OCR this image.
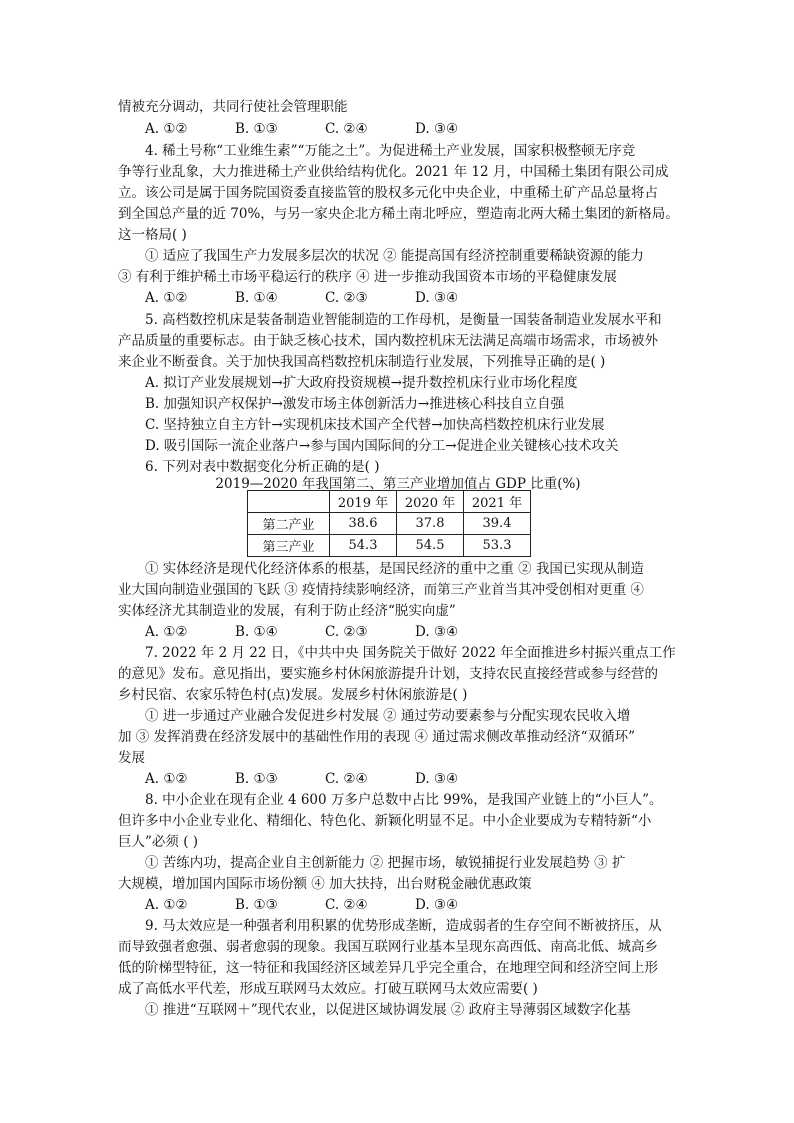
情被充分调动，共同行使社会管理职能
A. ①②	B. ①③	C. ②④	D. ③④
4. 稀土号称“工业维生素”“万能之土”。为促进稀土产业发展，国家积极整顿无序竞
争等行业乱象，大力推进稀土产业供给结构优化。2021 年 12 月，中国稀土集团有限公司成
立。该公司是属于国务院国资委直接监管的股权多元化中央企业，中重稀土矿产品总量将占
到全国总产量的近 70%，与另一家央企北方稀土南北呼应，塑造南北两大稀土集团的新格局。
这一格局( )
① 适应了我国生产力发展多层次的状况 ② 能提高国有经济控制重要稀缺资源的能力
③ 有利于维护稀土市场平稳运行的秩序 ④ 进一步推动我国资本市场的平稳健康发展
A. ①②	B. ①④	C. ②③	D. ③④
5. 高档数控机床是装备制造业智能制造的工作母机，是衡量一国装备制造业发展水平和
产品质量的重要标志。由于缺乏核心技术，国内数控机床无法满足高端市场需求，市场被外
来企业不断蚕食。关于加快我国高档数控机床制造行业发展，下列推导正确的是( )
A. 拟订产业发展规划→扩大政府投资规模→提升数控机床行业市场化程度
B. 加强知识产权保护→激发市场主体创新活力→推进核心科技自立自强
C. 坚持独立自主方针→实现机床技术国产全代替→加快高档数控机床行业发展
D. 吸引国际一流企业落户→参与国内国际间的分工→促进企业关键核心技术攻关
6. 下列对表中数据变化分析正确的是( )
2019—2020 年我国第二、第三产业增加值占 GDP 比重(%)
	2019 年	2020 年	2021 年
第二产业	38.6	37.8	39.4
第三产业	54.3	54.5	53.3
① 实体经济是现代化经济体系的根基，是国民经济的重中之重 ② 我国已实现从制造
业大国向制造业强国的飞跃 ③ 疫情持续影响经济，而第三产业首当其冲受创相对更重 ④
实体经济尤其制造业的发展，有利于防止经济“脱实向虚”
A. ①②	B. ①④	C. ②③	D. ③④
7. 2022 年 2 月 22 日，《中共中央 国务院关于做好 2022 年全面推进乡村振兴重点工作
的意见》发布。意见指出，要实施乡村休闲旅游提升计划，支持农民直接经营或参与经营的
乡村民宿、农家乐特色村(点)发展。发展乡村休闲旅游是( )
① 进一步通过产业融合发促进乡村发展 ② 通过劳动要素参与分配实现农民收入增
加 ③ 发挥消费在经济发展中的基础性作用的表现 ④ 通过需求侧改革推动经济“双循环”
发展
A. ①②	B. ①③	C. ②④	D. ③④
8. 中小企业在现有企业 4 600 万多户总数中占比 99%，是我国产业链上的“小巨人”。
但许多中小企业专业化、精细化、特色化、新颖化明显不足。中小企业要成为专精特新“小
巨人”必须 ( )
① 苦练内功，提高企业自主创新能力 ② 把握市场，敏锐捕捉行业发展趋势 ③ 扩
大规模，增加国内国际市场份额 ④ 加大扶持，出台财税金融优惠政策
A. ①②	B. ①③	C. ②④	D. ③④
9. 马太效应是一种强者利用积累的优势形成垄断，造成弱者的生存空间不断被挤压，从
而导致强者愈强、弱者愈弱的现象。我国互联网行业基本呈现东高西低、南高北低、城高乡
低的阶梯型特征，这一特征和我国经济区域差异几乎完全重合，在地理空间和经济空间上形
成了高低水平代差，形成互联网马太效应。打破互联网马太效应需要( )
① 推进“互联网＋”现代农业，以促进区域协调发展 ② 政府主导薄弱区域数字化基
